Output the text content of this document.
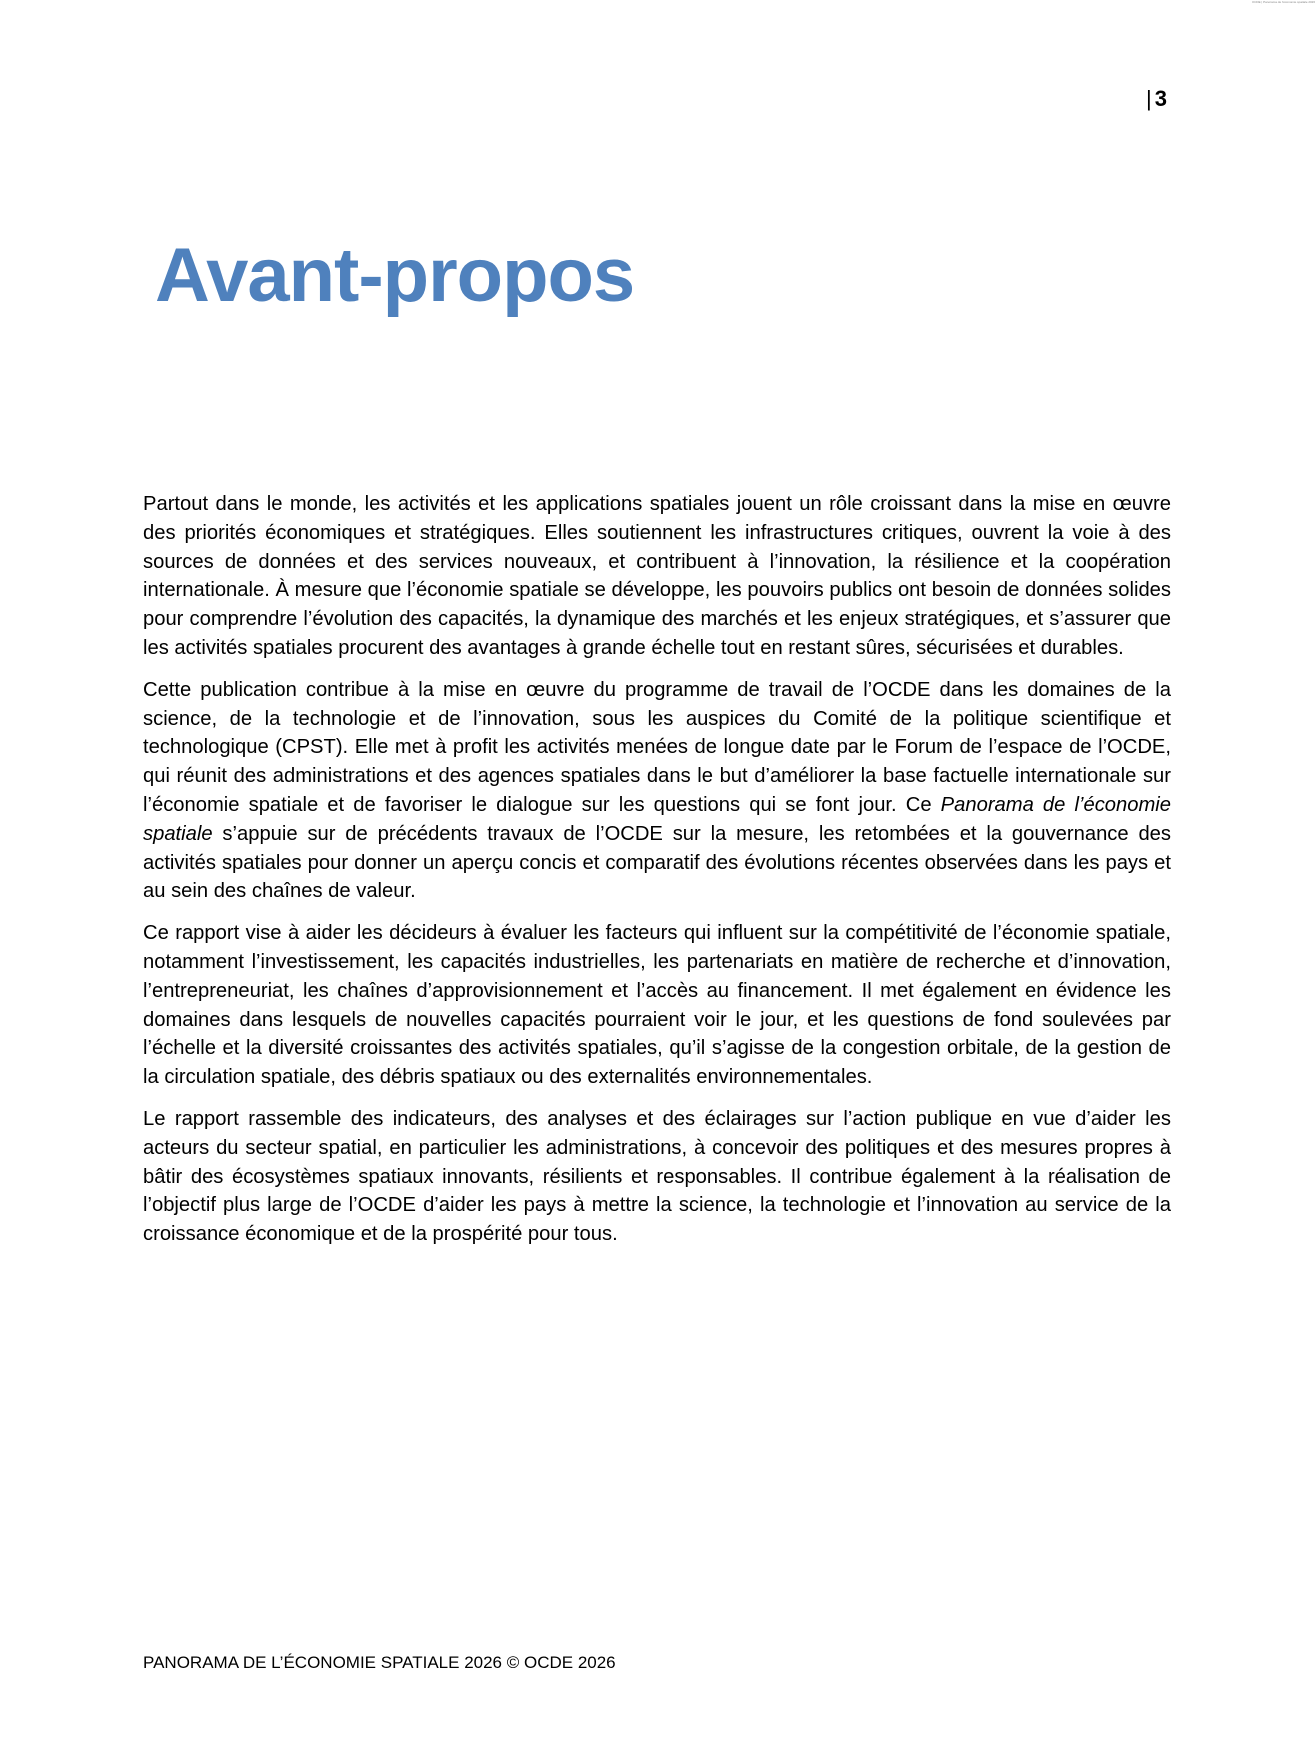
OCDE | Panorama de l’économie spatiale 2026
| 3
Avant-propos

Partout dans le monde, les activités et les applications spatiales jouent un rôle croissant dans la mise en œuvre des priorités économiques et stratégiques. Elles soutiennent les infrastructures critiques, ouvrent la voie à des sources de données et des services nouveaux, et contribuent à l’innovation, la résilience et la coopération internationale. À mesure que l’économie spatiale se développe, les pouvoirs publics ont besoin de données solides pour comprendre l’évolution des capacités, la dynamique des marchés et les enjeux stratégiques, et s’assurer que les activités spatiales procurent des avantages à grande échelle tout en restant sûres, sécurisées et durables.

Cette publication contribue à la mise en œuvre du programme de travail de l’OCDE dans les domaines de la science, de la technologie et de l’innovation, sous les auspices du Comité de la politique scientifique et technologique (CPST). Elle met à profit les activités menées de longue date par le Forum de l’espace de l’OCDE, qui réunit des administrations et des agences spatiales dans le but d’améliorer la base factuelle internationale sur l’économie spatiale et de favoriser le dialogue sur les questions qui se font jour. Ce Panorama de l’économie spatiale s’appuie sur de précédents travaux de l’OCDE sur la mesure, les retombées et la gouvernance des activités spatiales pour donner un aperçu concis et comparatif des évolutions récentes observées dans les pays et au sein des chaînes de valeur.

Ce rapport vise à aider les décideurs à évaluer les facteurs qui influent sur la compétitivité de l’économie spatiale, notamment l’investissement, les capacités industrielles, les partenariats en matière de recherche et d’innovation, l’entrepreneuriat, les chaînes d’approvisionnement et l’accès au financement. Il met également en évidence les domaines dans lesquels de nouvelles capacités pourraient voir le jour, et les questions de fond soulevées par l’échelle et la diversité croissantes des activités spatiales, qu’il s’agisse de la congestion orbitale, de la gestion de la circulation spatiale, des débris spatiaux ou des externalités environnementales.

Le rapport rassemble des indicateurs, des analyses et des éclairages sur l’action publique en vue d’aider les acteurs du secteur spatial, en particulier les administrations, à concevoir des politiques et des mesures propres à bâtir des écosystèmes spatiaux innovants, résilients et responsables. Il contribue également à la réalisation de l’objectif plus large de l’OCDE d’aider les pays à mettre la science, la technologie et l’innovation au service de la croissance économique et de la prospérité pour tous.

PANORAMA DE L’ÉCONOMIE SPATIALE 2026 © OCDE 2026
